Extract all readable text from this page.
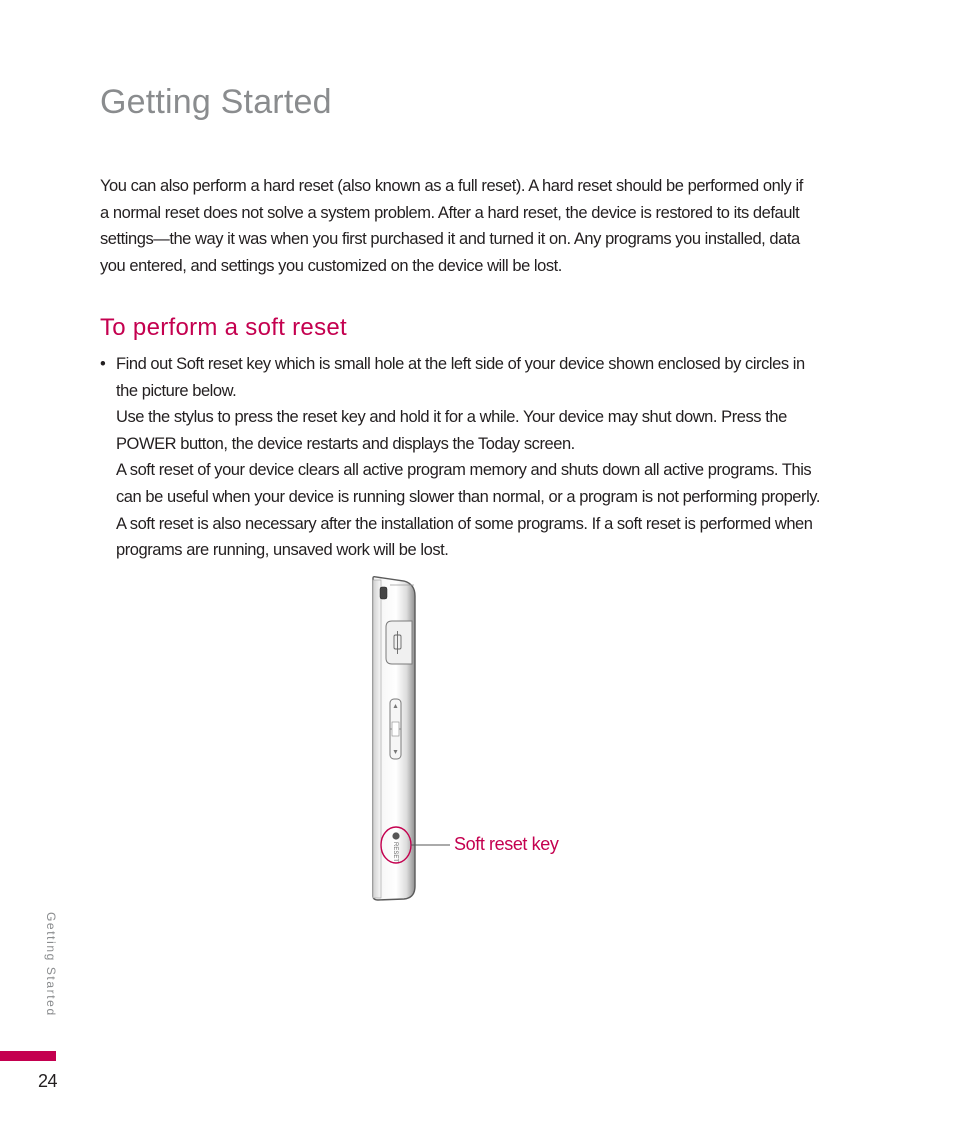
Getting Started
You can also perform a hard reset (also known as a full reset). A hard reset should be performed only if
a normal reset does not solve a system problem. After a hard reset, the device is restored to its default
settings—the way it was when you first purchased it and turned it on. Any programs you installed, data
you entered, and settings you customized on the device will be lost.
To perform a soft reset
• Find out Soft reset key which is small hole at the left side of your device shown enclosed by circles in
the picture below.
Use the stylus to press the reset key and hold it for a while. Your device may shut down. Press the
POWER button, the device restarts and displays the Today screen.
A soft reset of your device clears all active program memory and shuts down all active programs. This
can be useful when your device is running slower than normal, or a program is not performing properly.
A soft reset is also necessary after the installation of some programs. If a soft reset is performed when
programs are running, unsaved work will be lost.
RESET	Soft reset key
Getting Started
24
